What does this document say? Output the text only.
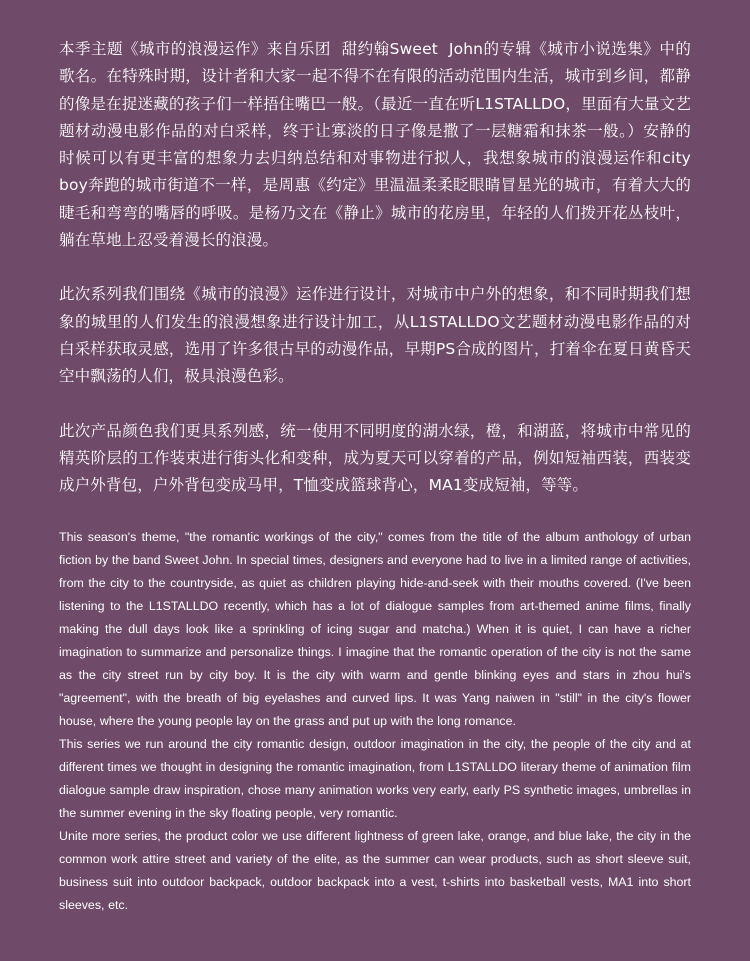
本季主题《城市的浪漫运作》来自乐团  甜约翰Sweet  John的专辑《城市小说选集》中的歌名。在特殊时期，设计者和大家一起不得不在有限的活动范围内生活，城市到乡间，都静的像是在捉迷藏的孩子们一样捂住嘴巴一般。（最近一直在听L1STALLDO，里面有大量文艺题材动漫电影作品的对白采样，终于让寡淡的日子像是撒了一层糖霜和抹茶一般。）安静的时候可以有更丰富的想象力去归纳总结和对事物进行拟人，我想象城市的浪漫运作和city   boy奔跑的城市街道不一样，是周惠《约定》里温温柔柔眨眼睛冒星光的城市，有着大大的睫毛和弯弯的嘴唇的呼吸。是杨乃文在《静止》城市的花房里，年轻的人们拨开花丛枝叶，躺在草地上忍受着漫长的浪漫。

此次系列我们围绕《城市的浪漫》运作进行设计，对城市中户外的想象，和不同时期我们想象的城里的人们发生的浪漫想象进行设计加工，从L1STALLDO文艺题材动漫电影作品的对白采样获取灵感，选用了许多很古早的动漫作品，早期PS合成的图片，打着伞在夏日黄昏天空中飘荡的人们，极具浪漫色彩。

此次产品颜色我们更具系列感，统一使用不同明度的湖水绿，橙，和湖蓝，将城市中常见的精英阶层的工作装束进行街头化和变种，成为夏天可以穿着的产品，例如短袖西装，西装变成户外背包，户外背包变成马甲，T恤变成篮球背心，MA1变成短袖，等等。

This season's theme, "the romantic workings of the city," comes from the title of the album anthology of urban fiction by the band Sweet John. In special times, designers and everyone had to live in a limited range of activities, from the city to the countryside, as quiet as children playing hide-and-seek with their mouths covered. (I've been listening to the L1STALLDO recently, which has a lot of dialogue samples from art-themed anime films, finally making the dull days look like a sprinkling of icing sugar and matcha.) When it is quiet, I can have a richer imagination to summarize and personalize things. I imagine that the romantic operation of the city is not the same as the city street run by city boy. It is the city with warm and gentle blinking eyes and stars in zhou hui's "agreement", with the breath of big eyelashes and curved lips. It was Yang naiwen in "still" in the city's flower house, where the young people lay on the grass and put up with the long romance.

This series we run around the city romantic design, outdoor imagination in the city, the people of the city and at different times we thought in designing the romantic imagination, from L1STALLDO literary theme of animation film dialogue sample draw inspiration, chose many animation works very early, early PS synthetic images, umbrellas in the summer evening in the sky floating people, very romantic.

Unite more series, the product color we use different lightness of green lake, orange, and blue lake, the city in the common work attire street and variety of the elite, as the summer can wear products, such as short sleeve suit, business suit into outdoor backpack, outdoor backpack into a vest, t-shirts into basketball vests, MA1 into short sleeves, etc.
